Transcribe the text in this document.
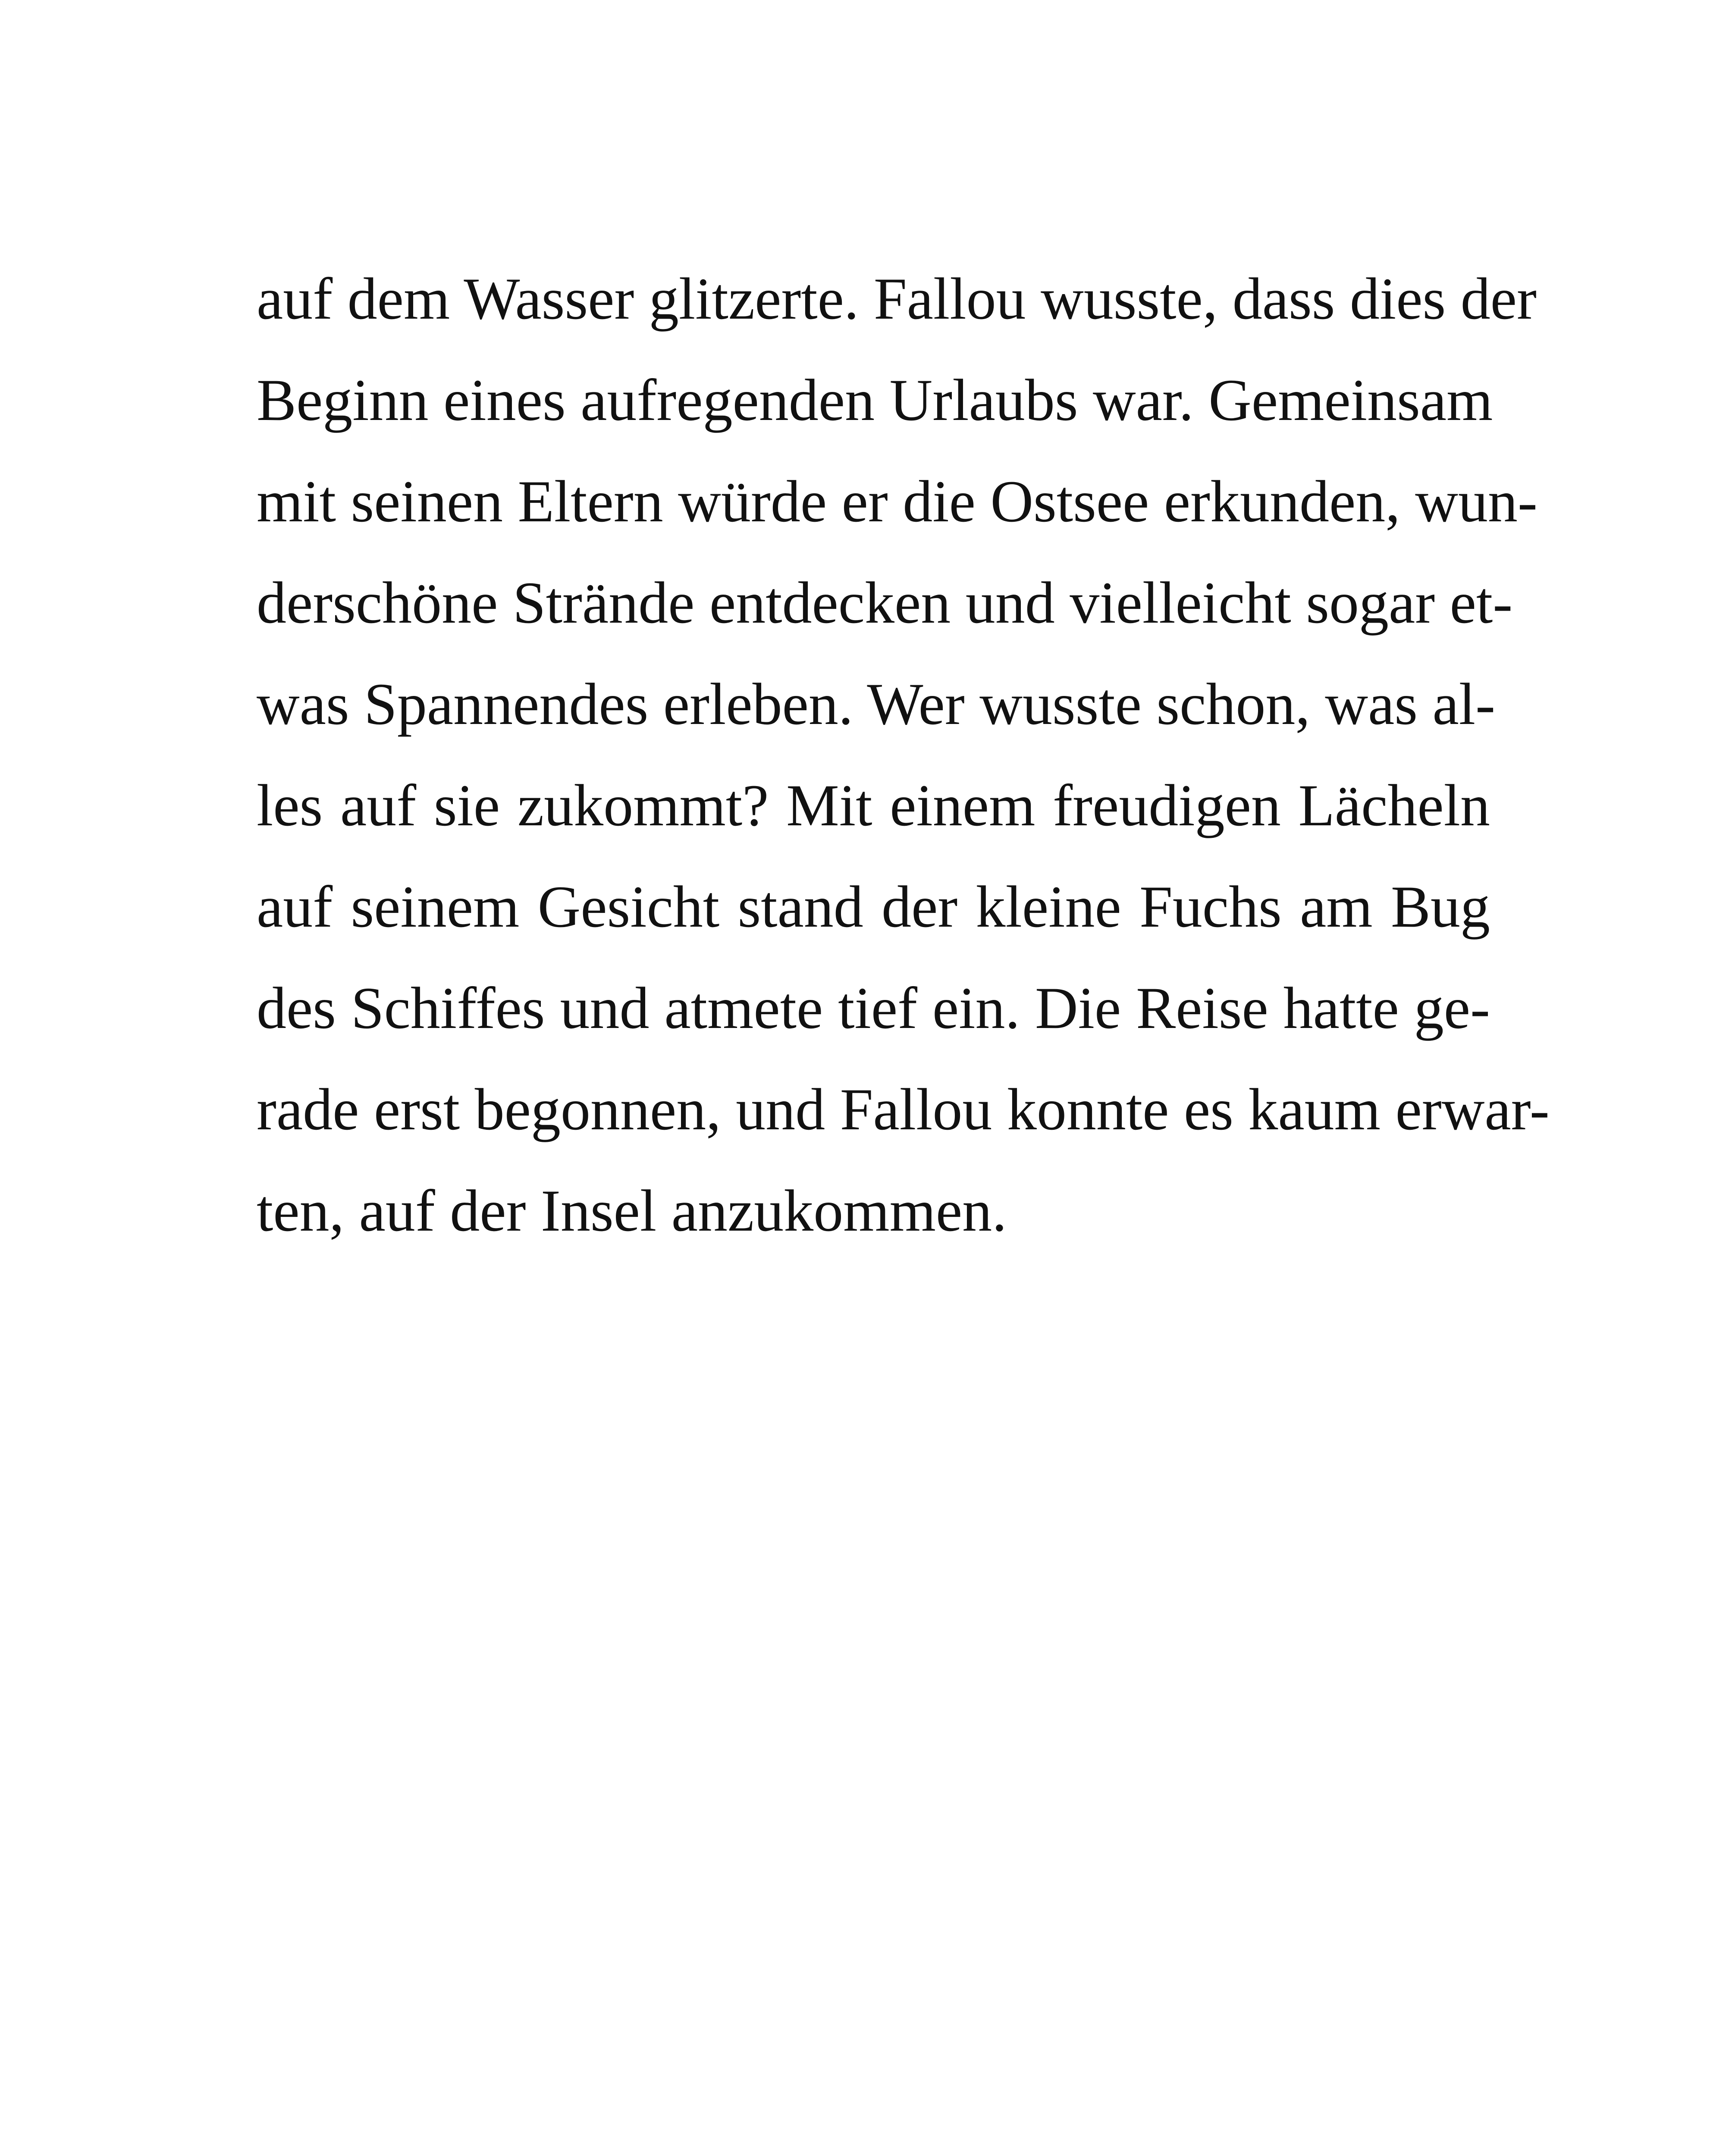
auf dem Wasser glitzerte. Fallou wusste, dass dies der
Beginn eines aufregenden Urlaubs war. Gemeinsam
mit seinen Eltern würde er die Ostsee erkunden, wun-
derschöne Strände entdecken und vielleicht sogar et-
was Spannendes erleben. Wer wusste schon, was al-
les auf sie zukommt? Mit einem freudigen Lächeln
auf seinem Gesicht stand der kleine Fuchs am Bug
des Schiffes und atmete tief ein. Die Reise hatte ge-
rade erst begonnen, und Fallou konnte es kaum erwar-
ten, auf der Insel anzukommen.
